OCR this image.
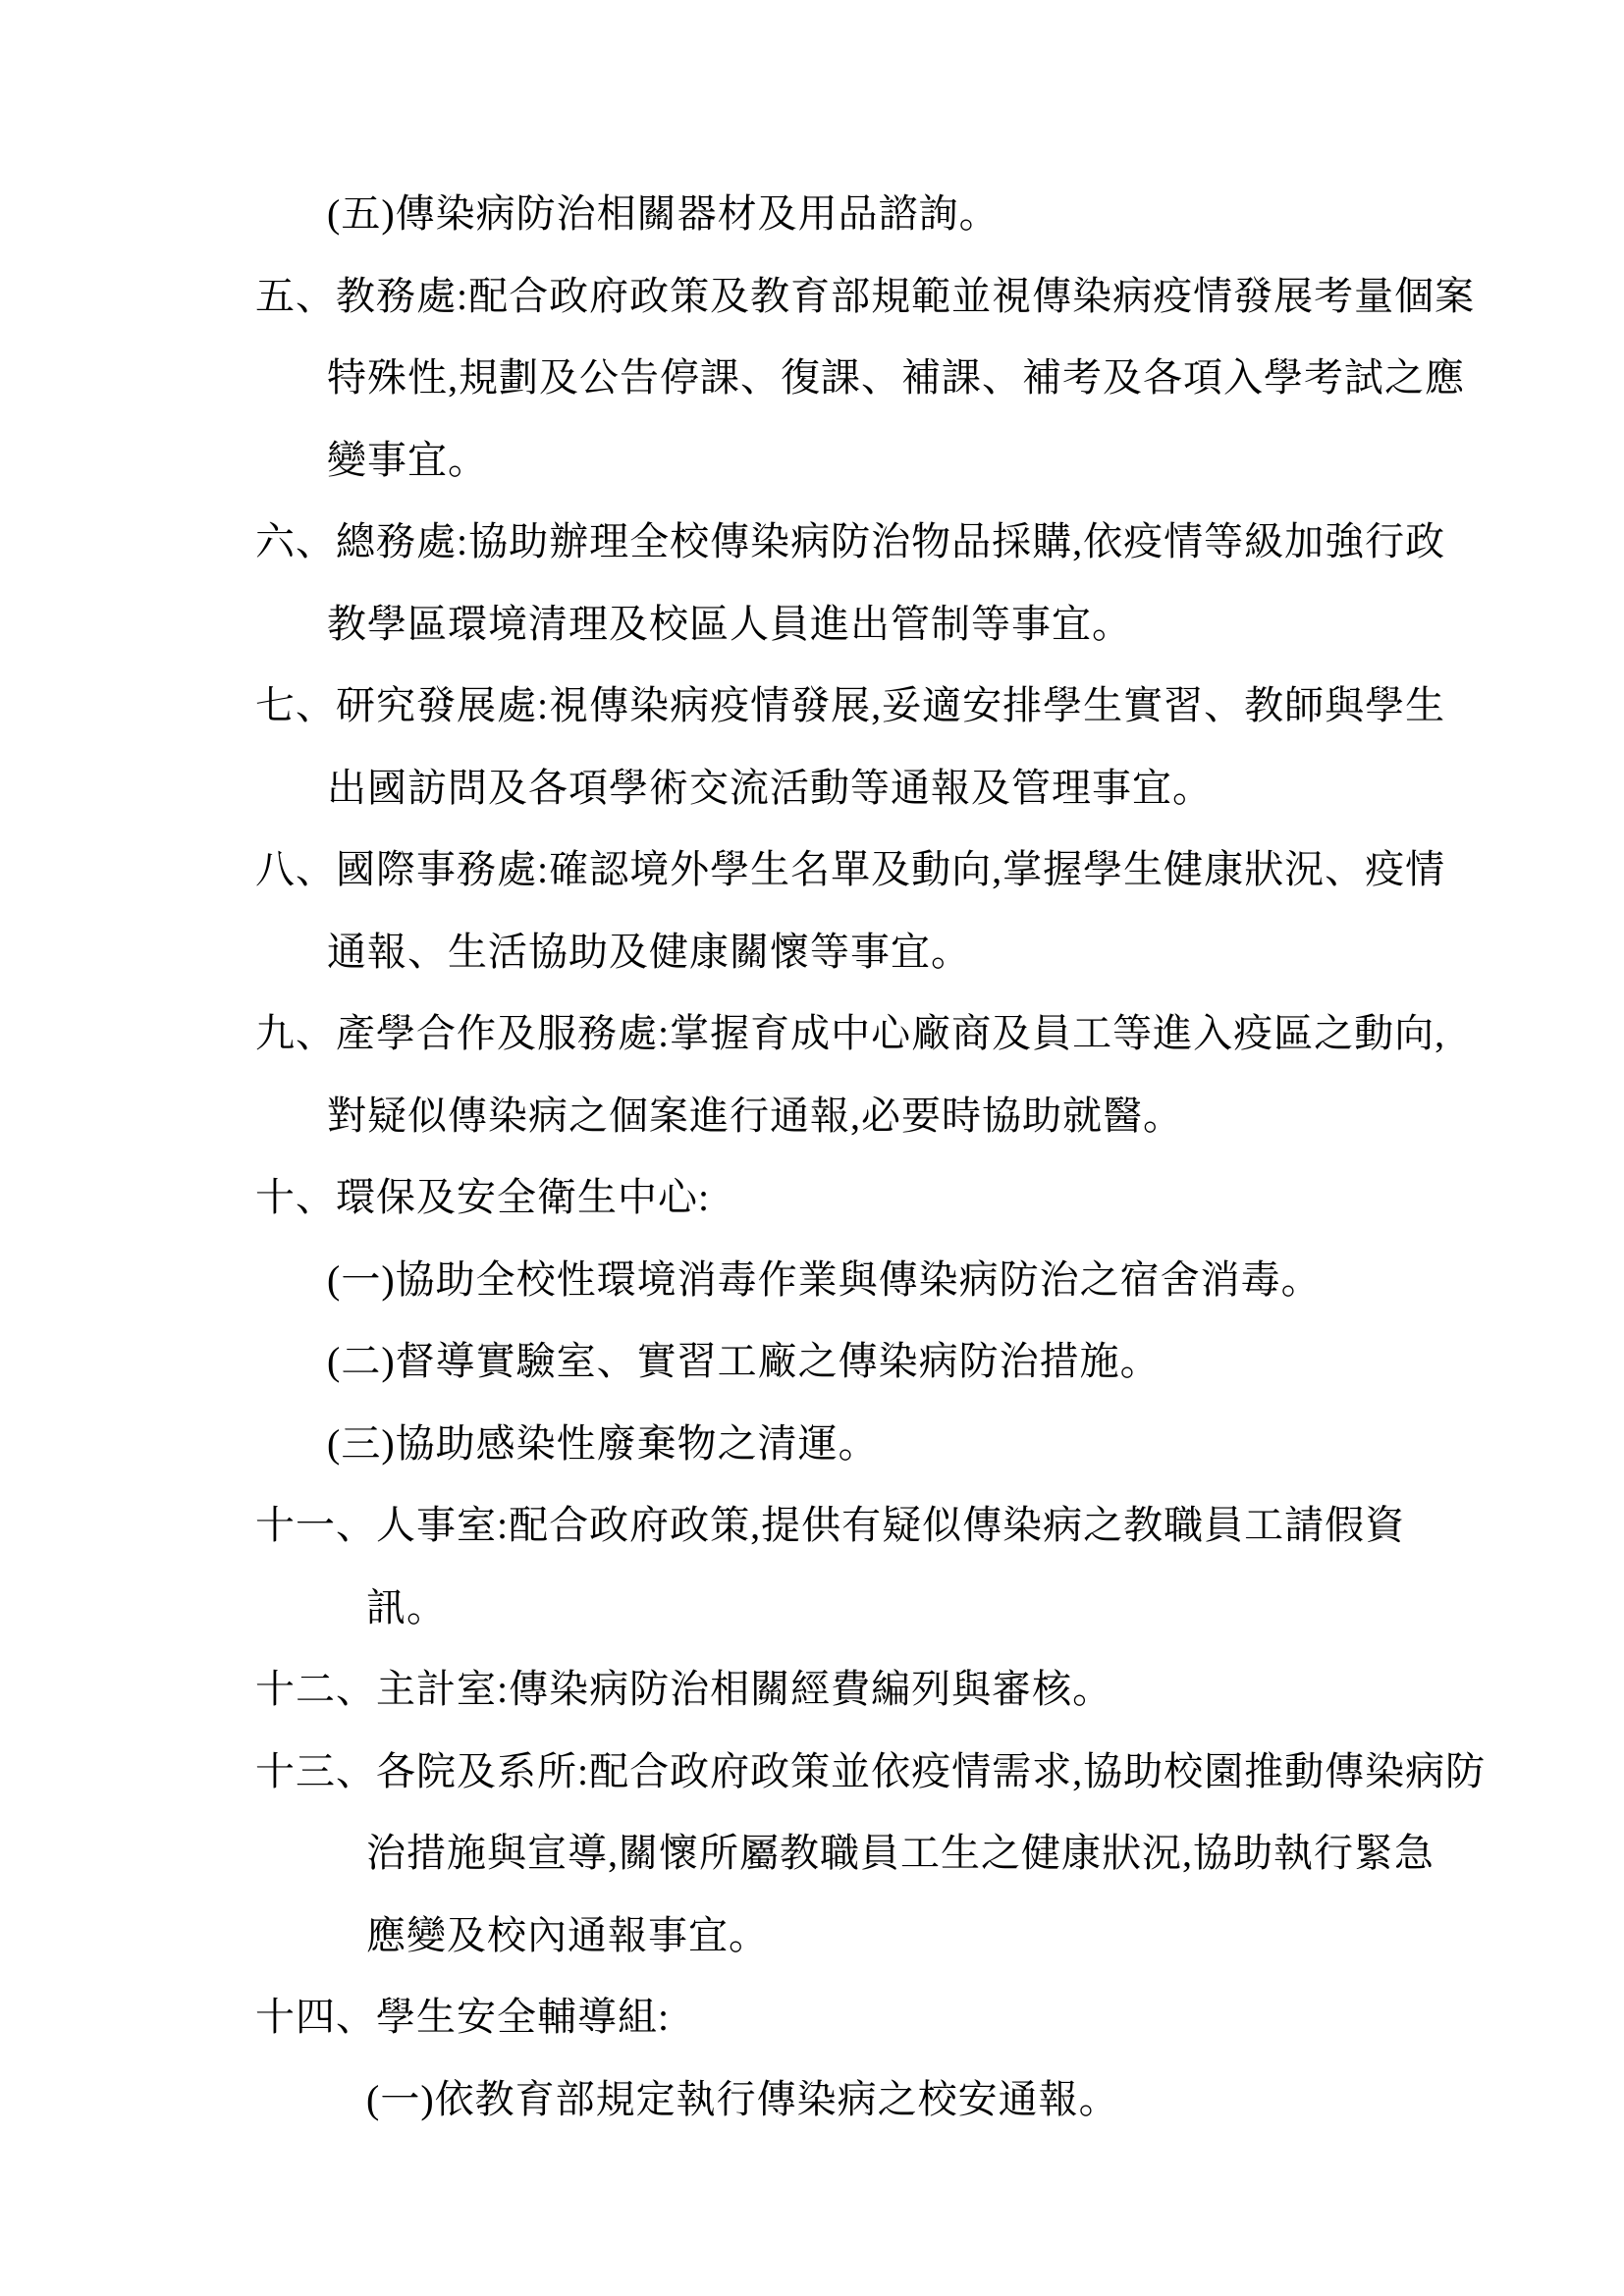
(五)傳染病防治相關器材及用品諮詢。
五、教務處:配合政府政策及教育部規範並視傳染病疫情發展考量個案
特殊性,規劃及公告停課、復課、補課、補考及各項入學考試之應
變事宜。
六、總務處:協助辦理全校傳染病防治物品採購,依疫情等級加強行政
教學區環境清理及校區人員進出管制等事宜。
七、研究發展處:視傳染病疫情發展,妥適安排學生實習、教師與學生
出國訪問及各項學術交流活動等通報及管理事宜。
八、國際事務處:確認境外學生名單及動向,掌握學生健康狀況、疫情
通報、生活協助及健康關懷等事宜。
九、產學合作及服務處:掌握育成中心廠商及員工等進入疫區之動向,
對疑似傳染病之個案進行通報,必要時協助就醫。
十、環保及安全衛生中心:
(一)協助全校性環境消毒作業與傳染病防治之宿舍消毒。
(二)督導實驗室、實習工廠之傳染病防治措施。
(三)協助感染性廢棄物之清運。
十一、人事室:配合政府政策,提供有疑似傳染病之教職員工請假資
訊。
十二、主計室:傳染病防治相關經費編列與審核。
十三、各院及系所:配合政府政策並依疫情需求,協助校園推動傳染病防
治措施與宣導,關懷所屬教職員工生之健康狀況,協助執行緊急
應變及校內通報事宜。
十四、學生安全輔導組:
(一)依教育部規定執行傳染病之校安通報。
